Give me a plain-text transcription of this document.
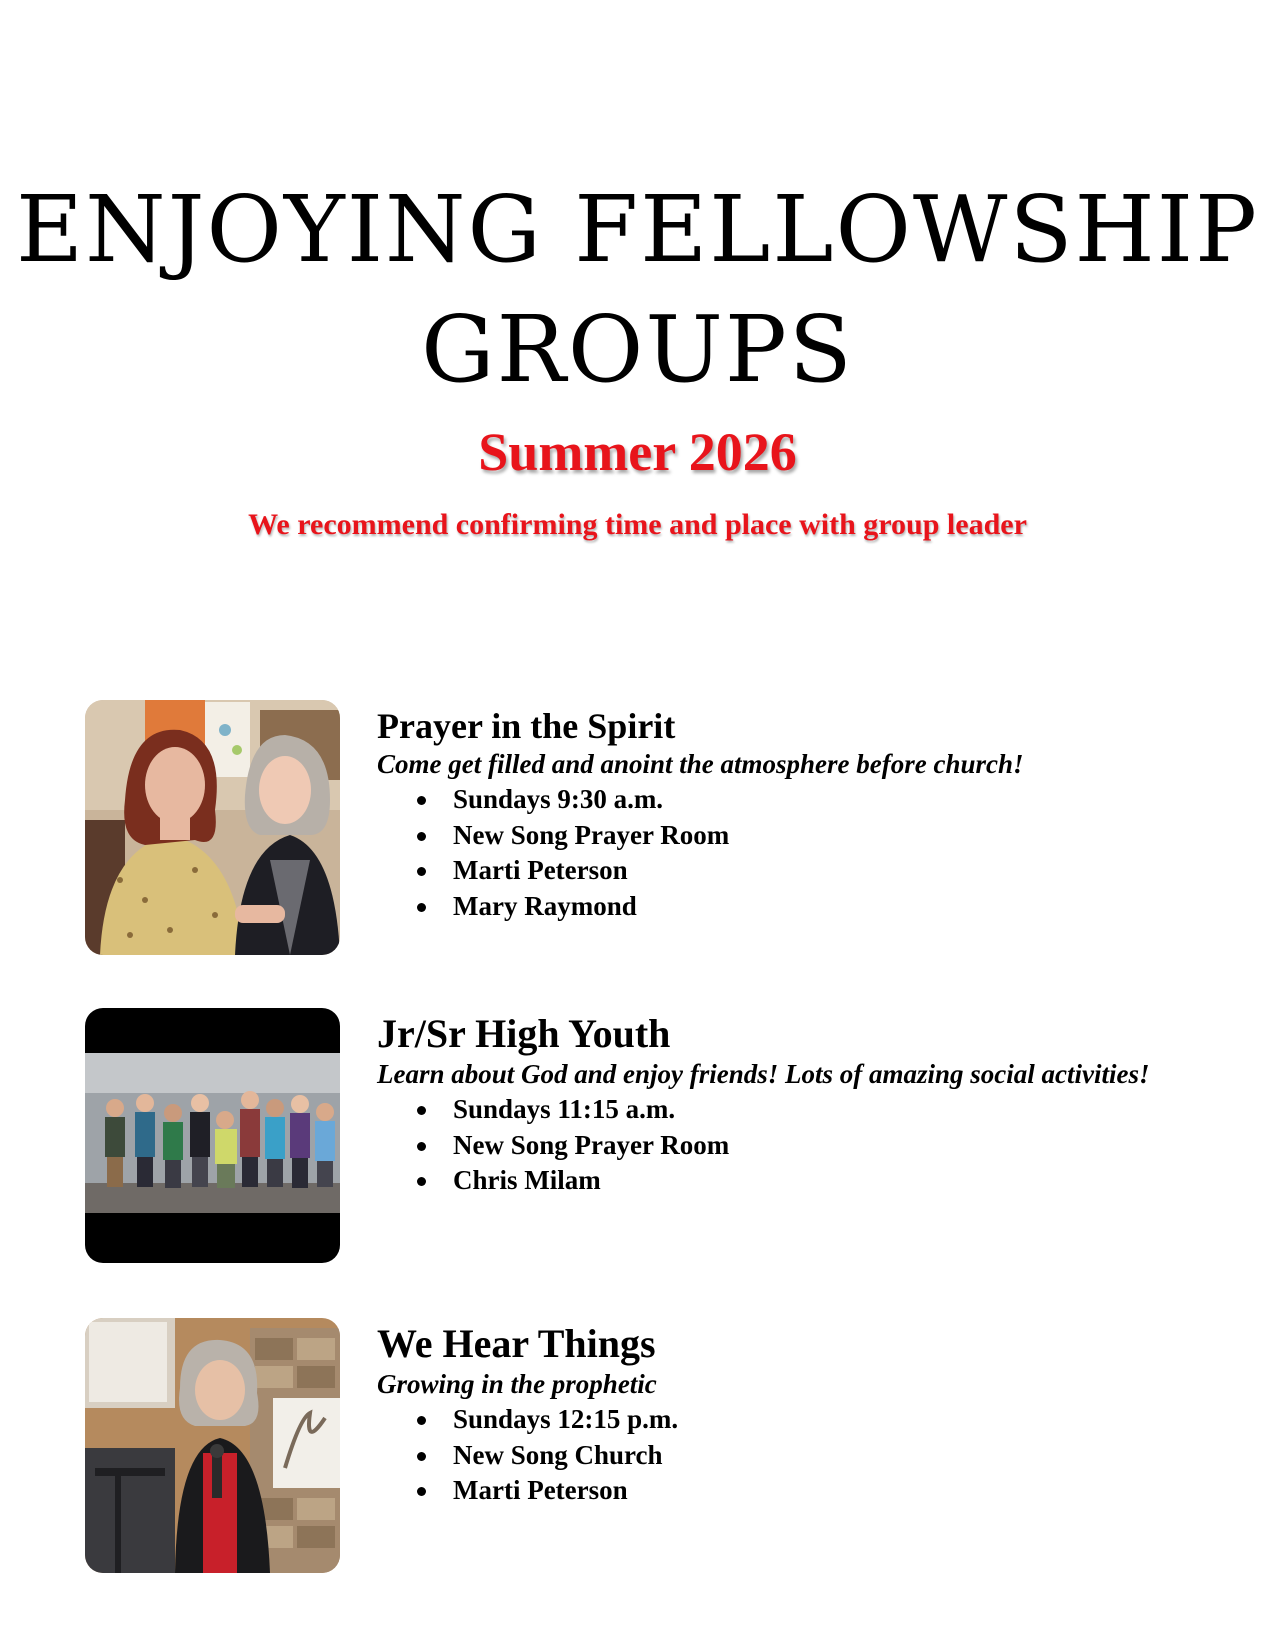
ENJOYING FELLOWSHIP
GROUPS
Summer 2026

We recommend confirming time and place with group leader

Prayer in the Spirit

Come get filled and anoint the atmosphere before church!

Sundays 9:30 a.m.
New Song Prayer Room
Marti Peterson
Mary Raymond
Jr/Sr High Youth

Learn about God and enjoy friends! Lots of amazing social activities!

Sundays 11:15 a.m.
New Song Prayer Room
Chris Milam
We Hear Things

Growing in the prophetic

Sundays 12:15 p.m.
New Song Church
Marti Peterson
